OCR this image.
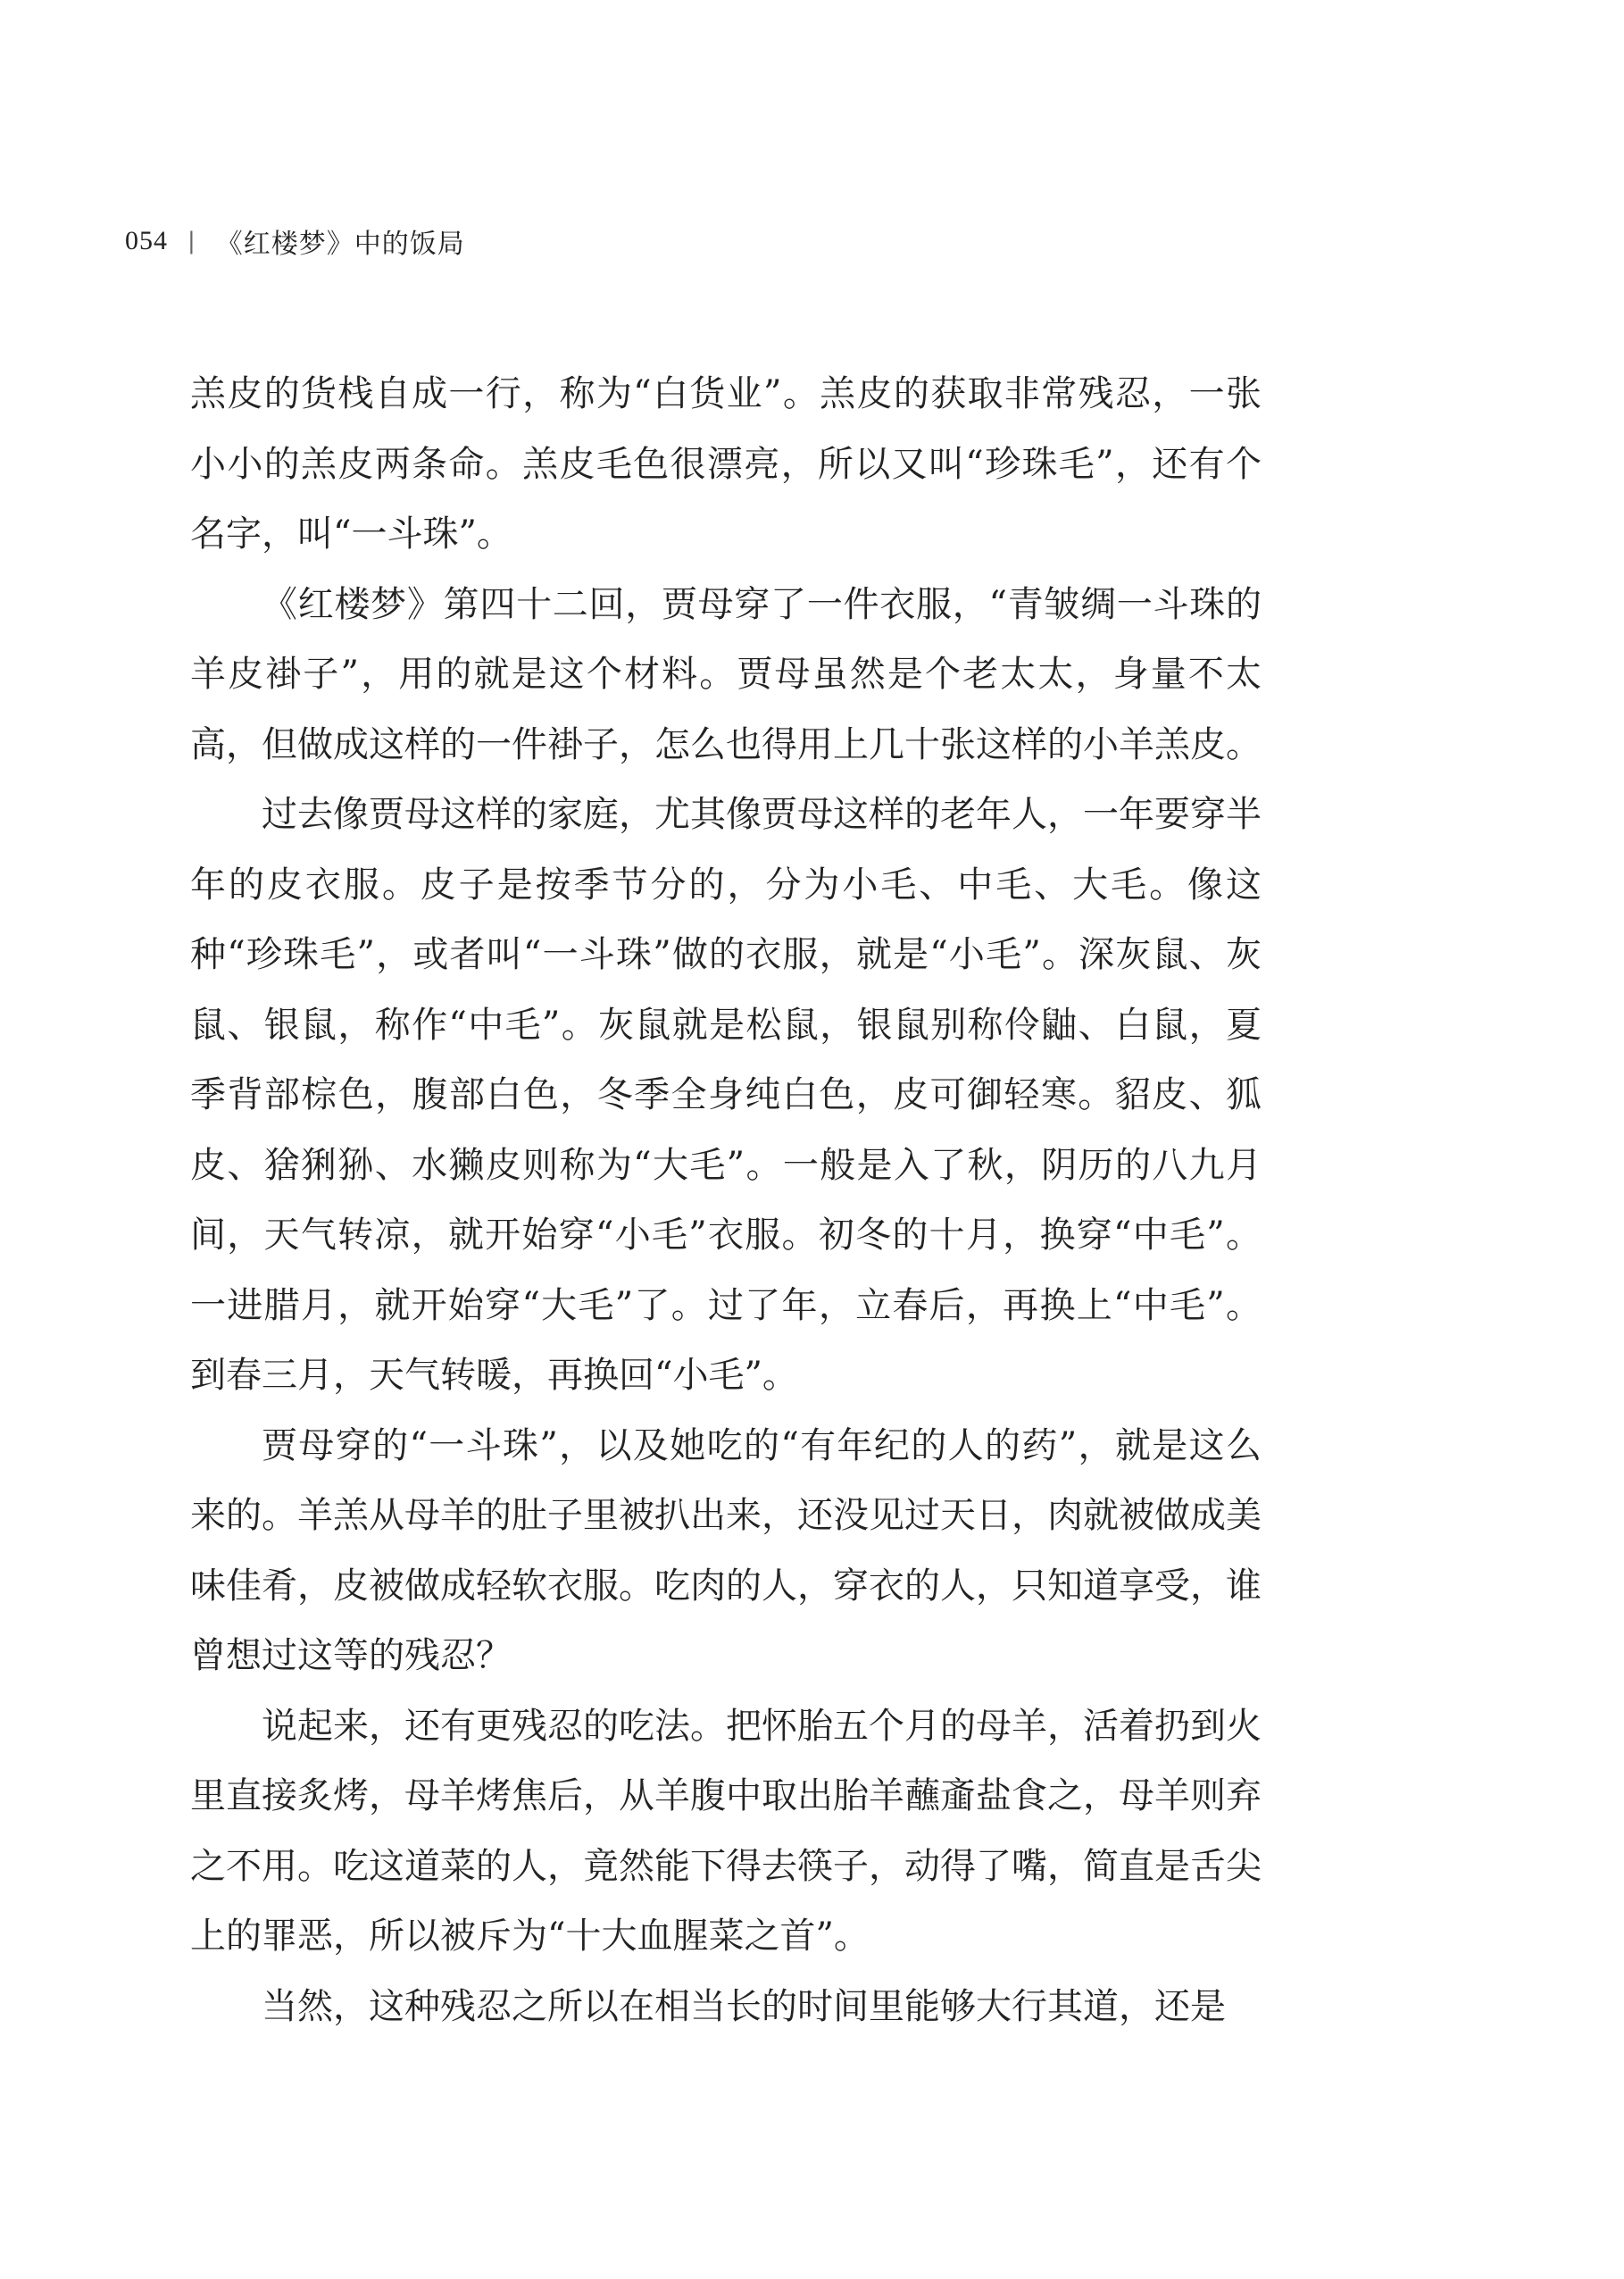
054 | 《红楼梦》中的饭局

羔皮的货栈自成一行，称为“白货业”。羔皮的获取非常残忍，一张小小的羔皮两条命。羔皮毛色很漂亮，所以又叫“珍珠毛”，还有个名字，叫“一斗珠”。

《红楼梦》第四十二回，贾母穿了一件衣服，“青皱绸一斗珠的羊皮褂子”，用的就是这个材料。贾母虽然是个老太太，身量不太高，但做成这样的一件褂子，怎么也得用上几十张这样的小羊羔皮。

过去像贾母这样的家庭，尤其像贾母这样的老年人，一年要穿半年的皮衣服。皮子是按季节分的，分为小毛、中毛、大毛。像这种“珍珠毛”，或者叫“一斗珠”做的衣服，就是“小毛”。深灰鼠、灰鼠、银鼠，称作“中毛”。灰鼠就是松鼠，银鼠别称伶鼬、白鼠，夏季背部棕色，腹部白色，冬季全身纯白色，皮可御轻寒。貂皮、狐皮、猞猁狲、水獭皮则称为“大毛”。一般是入了秋，阴历的八九月间，天气转凉，就开始穿“小毛”衣服。初冬的十月，换穿“中毛”。一进腊月，就开始穿“大毛”了。过了年，立春后，再换上“中毛”。到春三月，天气转暖，再换回“小毛”。

贾母穿的“一斗珠”，以及她吃的“有年纪的人的药”，就是这么来的。羊羔从母羊的肚子里被扒出来，还没见过天日，肉就被做成美味佳肴，皮被做成轻软衣服。吃肉的人，穿衣的人，只知道享受，谁曾想过这等的残忍？

说起来，还有更残忍的吃法。把怀胎五个月的母羊，活着扔到火里直接炙烤，母羊烤焦后，从羊腹中取出胎羊蘸齑盐食之，母羊则弃之不用。吃这道菜的人，竟然能下得去筷子，动得了嘴，简直是舌尖上的罪恶，所以被斥为“十大血腥菜之首”。

当然，这种残忍之所以在相当长的时间里能够大行其道，还是
